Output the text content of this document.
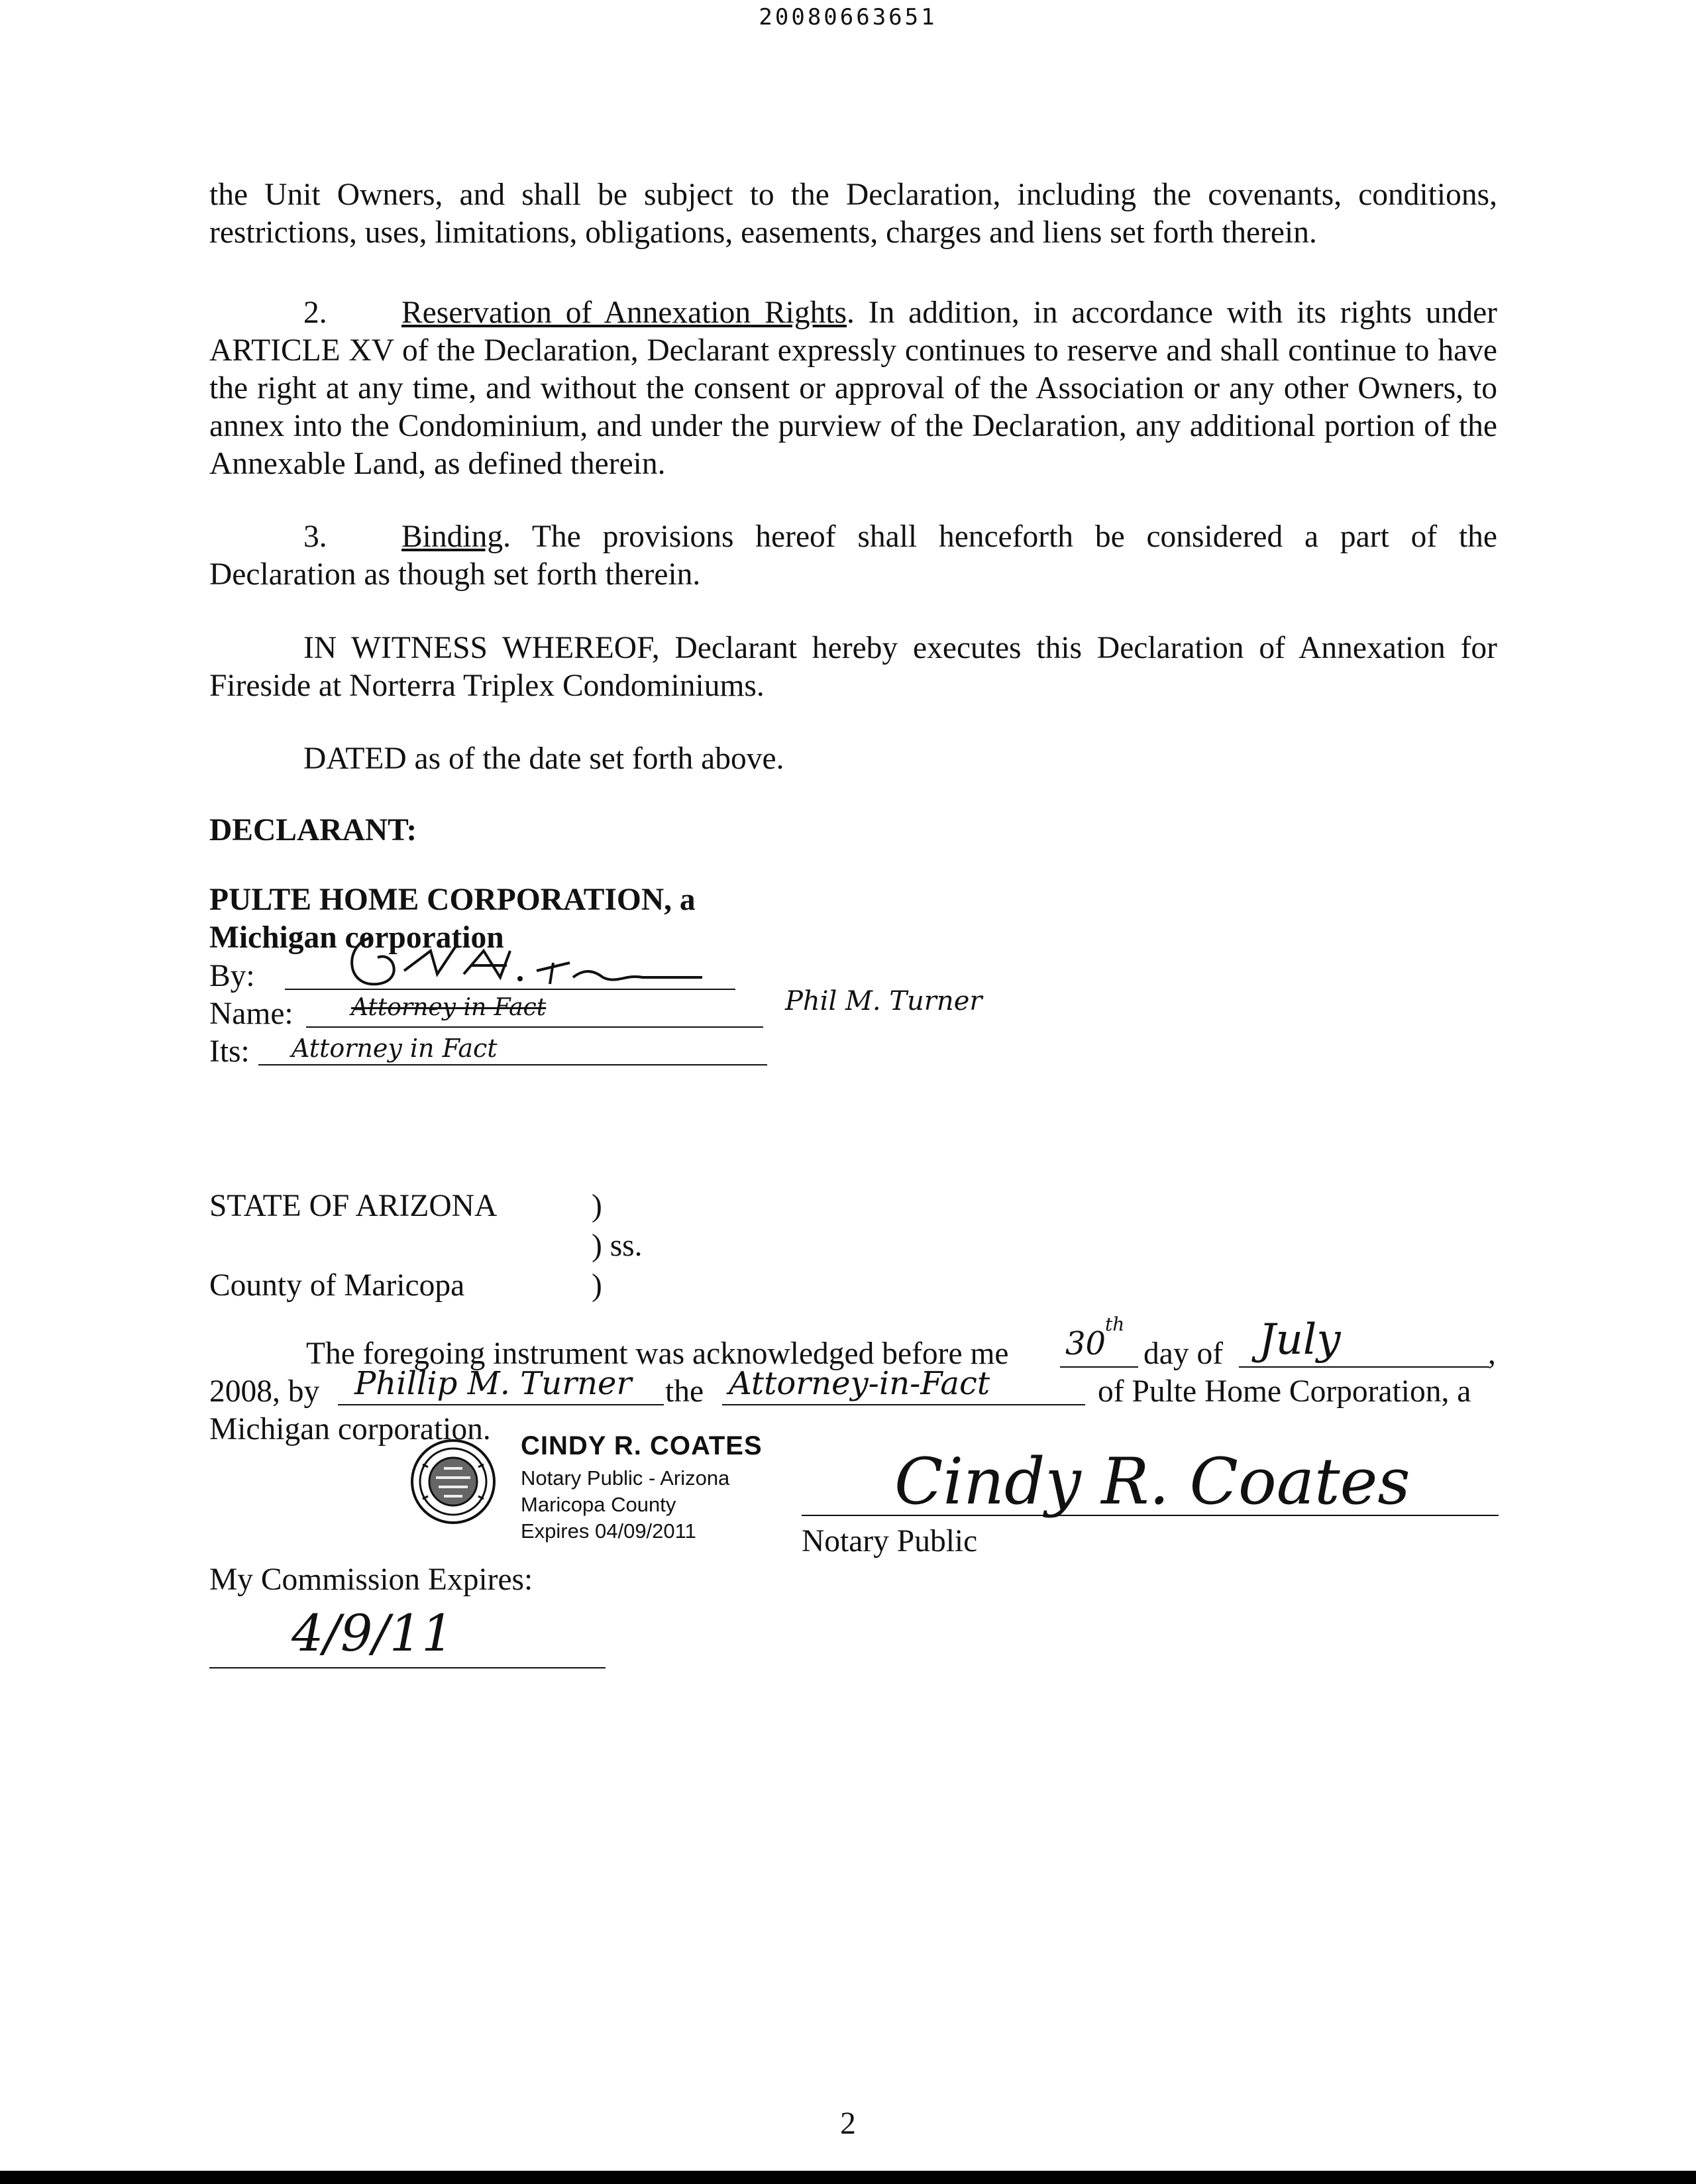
20080663651

the Unit Owners, and shall be subject to the Declaration, including the covenants, conditions, restrictions, uses, limitations, obligations, easements, charges and liens set forth therein.

2. Reservation of Annexation Rights. In addition, in accordance with its rights under ARTICLE XV of the Declaration, Declarant expressly continues to reserve and shall continue to have the right at any time, and without the consent or approval of the Association or any other Owners, to annex into the Condominium, and under the purview of the Declaration, any additional portion of the Annexable Land, as defined therein.

3. Binding. The provisions hereof shall henceforth be considered a part of the Declaration as though set forth therein.

IN WITNESS WHEREOF, Declarant hereby executes this Declaration of Annexation for Fireside at Norterra Triplex Condominiums.

DATED as of the date set forth above.
DECLARANT:
PULTE HOME CORPORATION, a
Michigan corporation
By:
Name: Attorney in Fact	Phil M. Turner
Its: Attorney in Fact
STATE OF ARIZONA	)
) ss.
County of Maricopa	)
The foregoing instrument was acknowledged before me 30
th
day of July	,
2008, by Phillip M. Turner the Attorney-in-Fact	of Pulte Home Corporation, a
Michigan corporation. CINDY R. COATES
Notary Public - Arizona
Maricopa County
Expires 04/09/2011
Cindy R. Coates
Notary Public
My Commission Expires:
4/9/11
2
